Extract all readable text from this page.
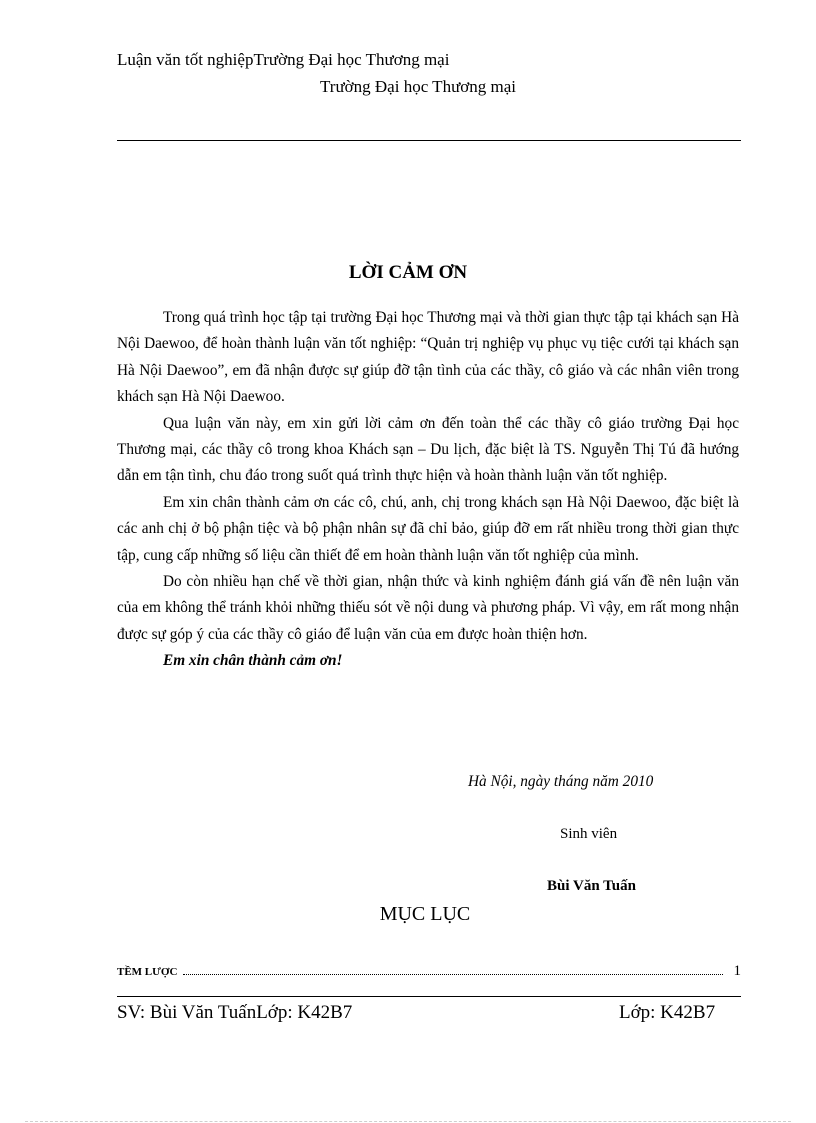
Luận văn tốt nghiệpTrường Đại học Thương mại
Trường Đại học Thương mại
LỜI CẢM ƠN

Trong quá trình học tập tại trường Đại học Thương mại và thời gian thực tập tại khách sạn Hà Nội Daewoo, để hoàn thành luận văn tốt nghiệp: “Quản trị nghiệp vụ phục vụ tiệc cưới tại khách sạn Hà Nội Daewoo”, em đã nhận được sự giúp đỡ tận tình của các thầy, cô giáo và các nhân viên trong khách sạn Hà Nội Daewoo.

Qua luận văn này, em xin gửi lời cảm ơn đến toàn thể các thầy cô giáo trường Đại học Thương mại, các thầy cô trong khoa Khách sạn – Du lịch, đặc biệt là TS. Nguyễn Thị Tú đã hướng dẫn em tận tình, chu đáo trong suốt quá trình thực hiện và hoàn thành luận văn tốt nghiệp.

Em xin chân thành cảm ơn các cô, chú, anh, chị trong khách sạn Hà Nội Daewoo, đặc biệt là các anh chị ở bộ phận tiệc và bộ phận nhân sự đã chỉ bảo, giúp đỡ em rất nhiều trong thời gian thực tập, cung cấp những số liệu cần thiết để em hoàn thành luận văn tốt nghiệp của mình.

Do còn nhiều hạn chế về thời gian, nhận thức và kinh nghiệm đánh giá vấn đề nên luận văn của em không thể tránh khỏi những thiếu sót về nội dung và phương pháp. Vì vậy, em rất mong nhận được sự góp ý của các thầy cô giáo để luận văn của em được hoàn thiện hơn.

Em xin chân thành cảm ơn!

Hà Nội, ngày tháng năm 2010
Sinh viên
Bùi Văn Tuấn
MỤC LỤC
TỀM LƯỢC	1
SV: Bùi Văn TuấnLớp: K42B7	Lớp: K42B7
